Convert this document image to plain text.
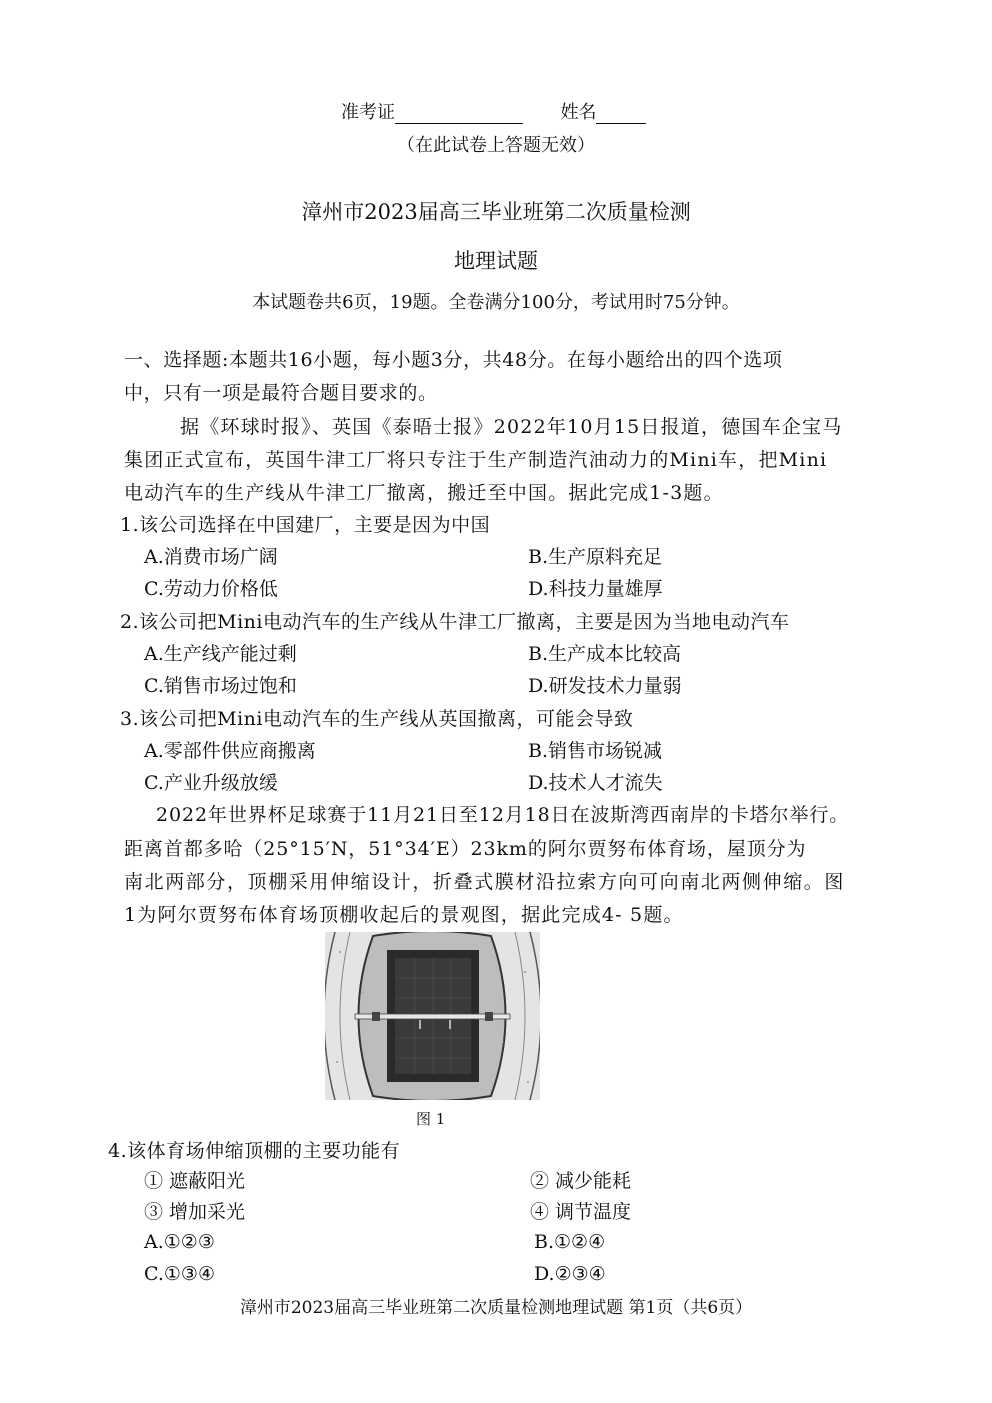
准考证	姓名
（在此试卷上答题无效）
漳州市2023届高三毕业班第二次质量检测
地理试题
本试题卷共6页，19题。全卷满分100分，考试用时75分钟。
一、选择题:本题共16小题，每小题3分，共48分。在每小题给出的四个选项
中，只有一项是最符合题目要求的。
据《环球时报》、英国《泰晤士报》2022年10月15日报道，德国车企宝马
集团正式宣布，英国牛津工厂将只专注于生产制造汽油动力的Mini车，把Mini
电动汽车的生产线从牛津工厂撤离，搬迁至中国。据此完成1-3题。
1.该公司选择在中国建厂，主要是因为中国
A.消费市场广阔	B.生产原料充足
C.劳动力价格低	D.科技力量雄厚
2.该公司把Mini电动汽车的生产线从牛津工厂撤离，主要是因为当地电动汽车
A.生产线产能过剩	B.生产成本比较高
C.销售市场过饱和	D.研发技术力量弱
3.该公司把Mini电动汽车的生产线从英国撤离，可能会导致
A.零部件供应商搬离	B.销售市场锐减
C.产业升级放缓	D.技术人才流失
2022年世界杯足球赛于11月21日至12月18日在波斯湾西南岸的卡塔尔举行。
距离首都多哈（25°15′N，51°34′E）23km的阿尔贾努布体育场，屋顶分为
南北两部分，顶棚采用伸缩设计，折叠式膜材沿拉索方向可向南北两侧伸缩。图
1为阿尔贾努布体育场顶棚收起后的景观图，据此完成4- 5题。
图 1
4.该体育场伸缩顶棚的主要功能有
① 遮蔽阳光	② 减少能耗
③ 增加采光	④ 调节温度
A.①②③	B.①②④
C.①③④	D.②③④
漳州市2023届高三毕业班第二次质量检测地理试题 第1页（共6页）
